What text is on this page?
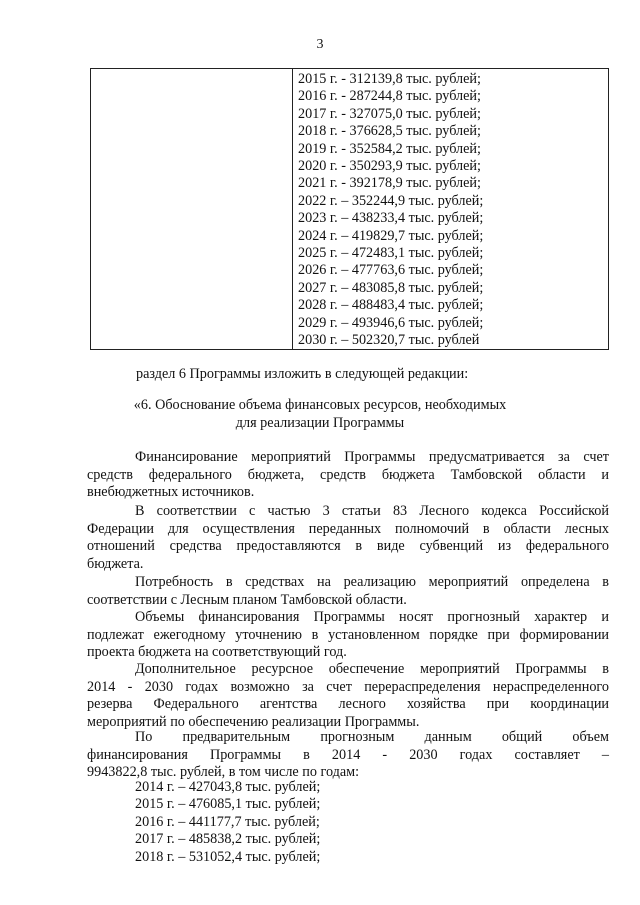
3
2015 г. - 312139,8 тыс. рублей;
2016 г. - 287244,8 тыс. рублей;
2017 г. - 327075,0 тыс. рублей;
2018 г. - 376628,5 тыс. рублей;
2019 г. - 352584,2 тыс. рублей;
2020 г. - 350293,9 тыс. рублей;
2021 г. - 392178,9 тыс. рублей;
2022 г. – 352244,9 тыс. рублей;
2023 г. – 438233,4 тыс. рублей;
2024 г. – 419829,7 тыс. рублей;
2025 г. – 472483,1 тыс. рублей;
2026 г. – 477763,6 тыс. рублей;
2027 г. – 483085,8 тыс. рублей;
2028 г. – 488483,4 тыс. рублей;
2029 г. – 493946,6 тыс. рублей;
2030 г. – 502320,7 тыс. рублей
раздел 6 Программы изложить в следующей редакции:
«6. Обоснование объема финансовых ресурсов, необходимых
для реализации Программы
Финансирование мероприятий Программы предусматривается за счет
средств федерального бюджета, средств бюджета Тамбовской области и
внебюджетных источников.
В соответствии с частью 3 статьи 83 Лесного кодекса Российской
Федерации для осуществления переданных полномочий в области лесных
отношений средства предоставляются в виде субвенций из федерального
бюджета.
Потребность в средствах на реализацию мероприятий определена в
соответствии с Лесным планом Тамбовской области.
Объемы финансирования Программы носят прогнозный характер и
подлежат ежегодному уточнению в установленном порядке при формировании
проекта бюджета на соответствующий год.
Дополнительное ресурсное обеспечение мероприятий Программы в
2014 - 2030 годах возможно за счет перераспределения нераспределенного
резерва Федерального агентства лесного хозяйства при координации
мероприятий по обеспечению реализации Программы.
По предварительным прогнозным данным общий объем
финансирования Программы в 2014 - 2030 годах составляет –
9943822,8 тыс. рублей, в том числе по годам:
2014 г. – 427043,8 тыс. рублей;
2015 г. – 476085,1 тыс. рублей;
2016 г. – 441177,7 тыс. рублей;
2017 г. – 485838,2 тыс. рублей;
2018 г. – 531052,4 тыс. рублей;
